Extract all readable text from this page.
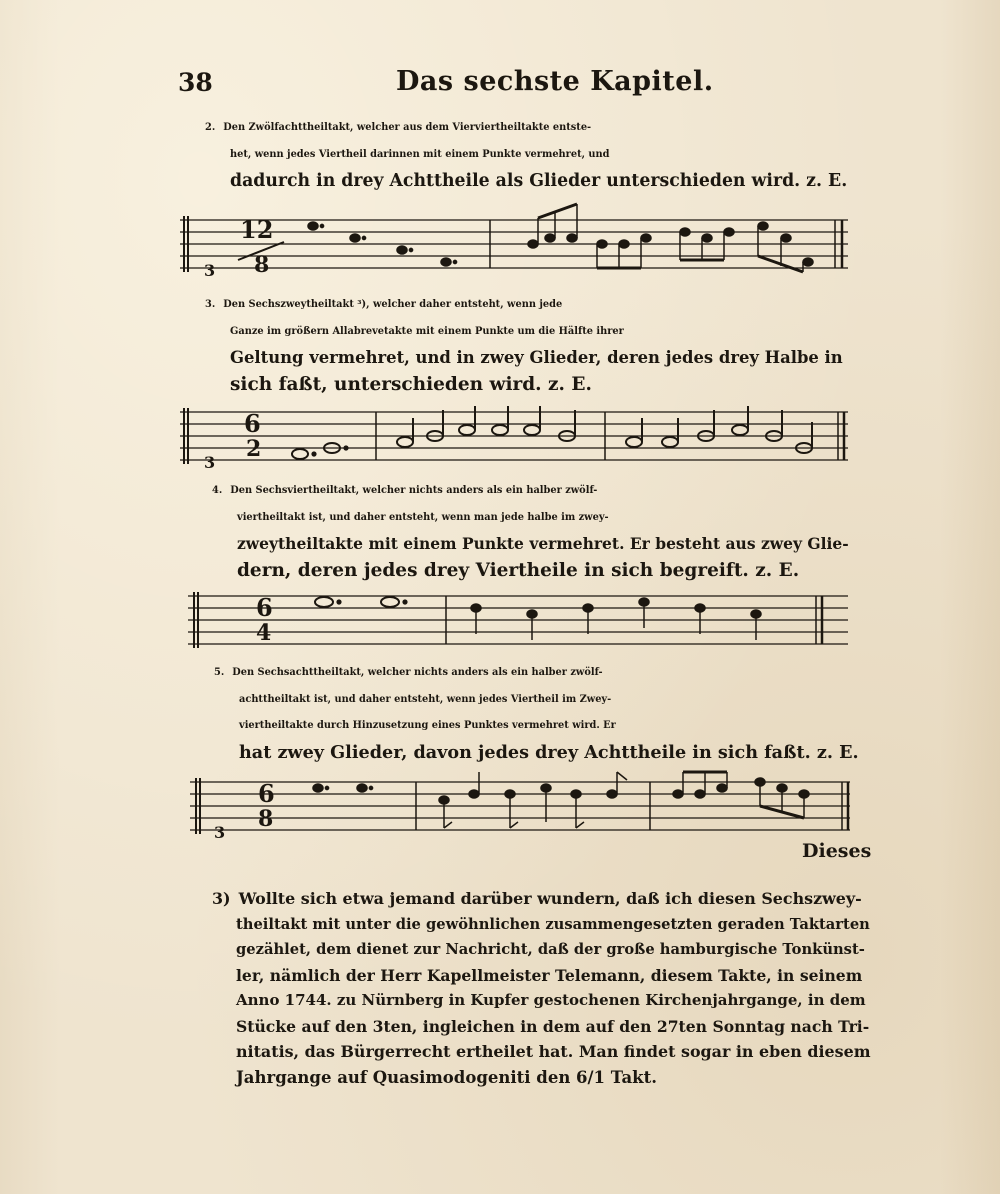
38	Das sechste Kapitel.
2. Den Zwölfachttheiltakt, welcher aus dem Vierviertheiltakte entste-
het, wenn jedes Viertheil darinnen mit einem Punkte vermehret, und
dadurch in drey Achttheile als Glieder unterschieden wird. z. E.
3
12
8
3. Den Sechszweytheiltakt ³), welcher daher entsteht, wenn jede
Ganze im größern Allabrevetakte mit einem Punkte um die Hälfte ihrer
Geltung vermehret, und in zwey Glieder, deren jedes drey Halbe in
sich faßt, unterschieden wird. z. E.
3
6
2
4. Den Sechsviertheiltakt, welcher nichts anders als ein halber zwölf-
viertheiltakt ist, und daher entsteht, wenn man jede halbe im zwey-
zweytheiltakte mit einem Punkte vermehret. Er besteht aus zwey Glie-
dern, deren jedes drey Viertheile in sich begreift. z. E.
6
4
5. Den Sechsachttheiltakt, welcher nichts anders als ein halber zwölf-
achttheiltakt ist, und daher entsteht, wenn jedes Viertheil im Zwey-
viertheiltakte durch Hinzusetzung eines Punktes vermehret wird. Er
hat zwey Glieder, davon jedes drey Achttheile in sich faßt. z. E.
3
6
8
Dieses
3) Wollte sich etwa jemand darüber wundern, daß ich diesen Sechszwey-
theiltakt mit unter die gewöhnlichen zusammengesetzten geraden Taktarten
gezählet, dem dienet zur Nachricht, daß der große hamburgische Tonkünst-
ler, nämlich der Herr Kapellmeister Telemann, diesem Takte, in seinem
Anno 1744. zu Nürnberg in Kupfer gestochenen Kirchenjahrgange, in dem
Stücke auf den 3ten, ingleichen in dem auf den 27ten Sonntag nach Tri-
nitatis, das Bürgerrecht ertheilet hat. Man findet sogar in eben diesem
Jahrgange auf Quasimodogeniti den 6/1 Takt.
